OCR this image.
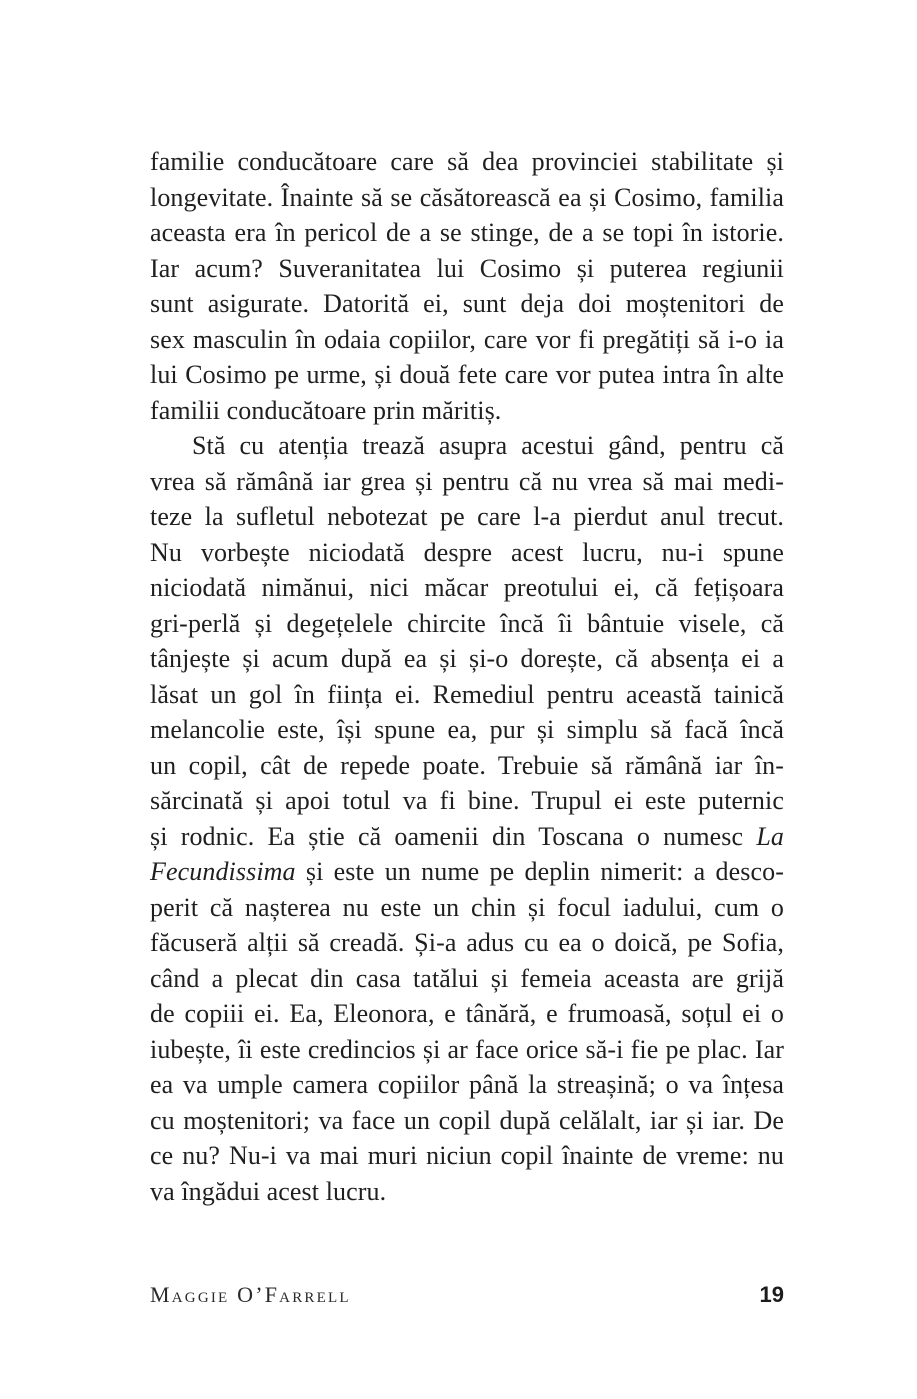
familie conducătoare care să dea provinciei stabilitate și
longevitate. Înainte să se căsătorească ea și Cosimo, familia
aceasta era în pericol de a se stinge, de a se topi în istorie.
Iar acum? Suveranitatea lui Cosimo și puterea regiunii
sunt asigurate. Datorită ei, sunt deja doi moștenitori de
sex masculin în odaia copiilor, care vor fi pregătiți să i-o ia
lui Cosimo pe urme, și două fete care vor putea intra în alte
familii conducătoare prin măritiș.
Stă cu atenția trează asupra acestui gând, pentru că
vrea să rămână iar grea și pentru că nu vrea să mai medi-
teze la sufletul nebotezat pe care l-a pierdut anul trecut.
Nu vorbește niciodată despre acest lucru, nu-i spune
niciodată nimănui, nici măcar preotului ei, că fețișoara
gri-perlă și degețelele chircite încă îi bântuie visele, că
tânjește și acum după ea și și-o dorește, că absența ei a
lăsat un gol în ființa ei. Remediul pentru această tainică
melancolie este, își spune ea, pur și simplu să facă încă
un copil, cât de repede poate. Trebuie să rămână iar în-
sărcinată și apoi totul va fi bine. Trupul ei este puternic
și rodnic. Ea știe că oamenii din Toscana o numesc La
Fecundissima și este un nume pe deplin nimerit: a desco-
perit că nașterea nu este un chin și focul iadului, cum o
făcuseră alții să creadă. Și-a adus cu ea o doică, pe Sofia,
când a plecat din casa tatălui și femeia aceasta are grijă
de copiii ei. Ea, Eleonora, e tânără, e frumoasă, soțul ei o
iubește, îi este credincios și ar face orice să-i fie pe plac. Iar
ea va umple camera copiilor până la streașină; o va înțesa
cu moștenitori; va face un copil după celălalt, iar și iar. De
ce nu? Nu-i va mai muri niciun copil înainte de vreme: nu
va îngădui acest lucru.
Maggie O’Farrell	19
